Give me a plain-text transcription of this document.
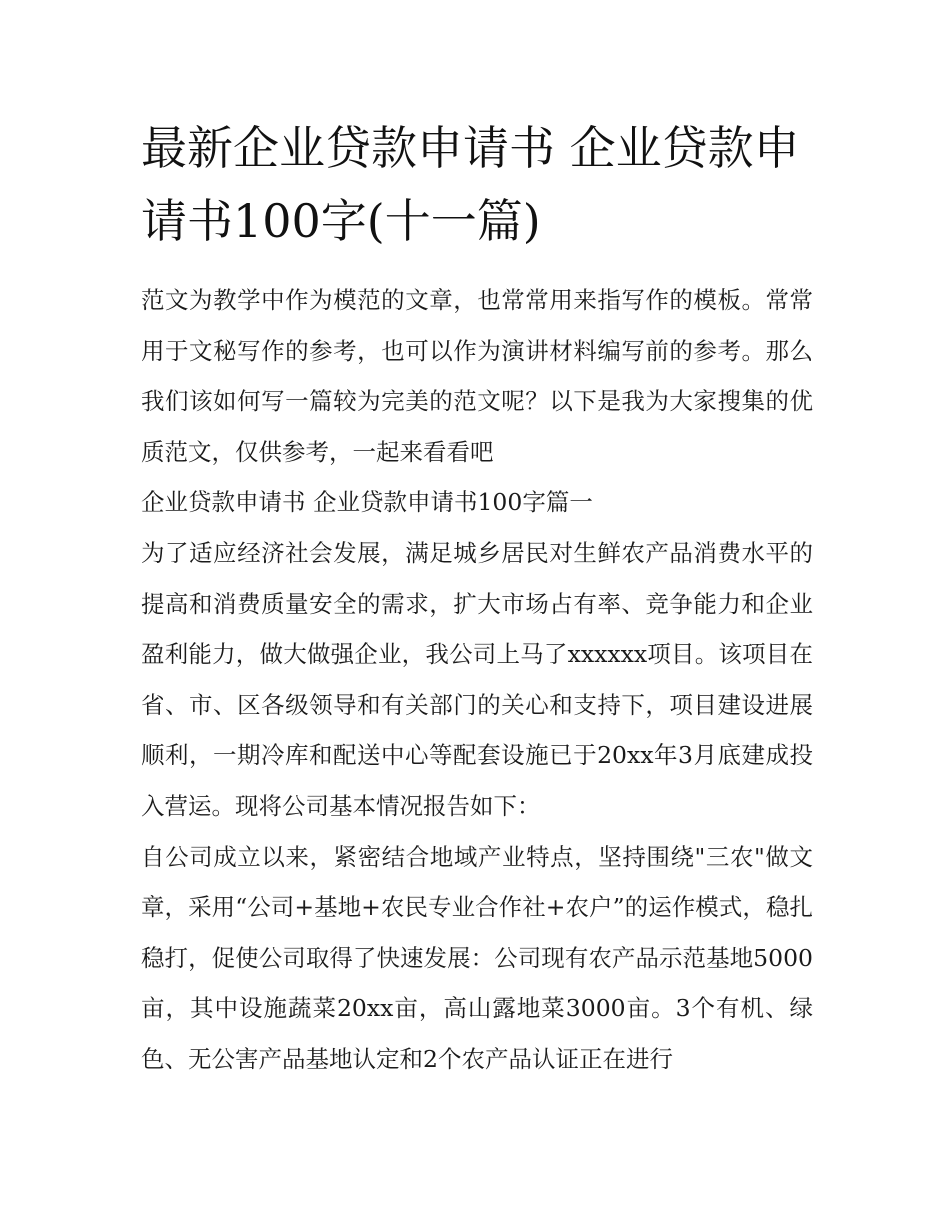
最新企业贷款申请书 企业贷款申请书100字(十一篇)

范文为教学中作为模范的文章，也常常用来指写作的模板。常常用于文秘写作的参考，也可以作为演讲材料编写前的参考。那么我们该如何写一篇较为完美的范文呢？以下是我为大家搜集的优质范文，仅供参考，一起来看看吧

企业贷款申请书 企业贷款申请书100字篇一

为了适应经济社会发展，满足城乡居民对生鲜农产品消费水平的提高和消费质量安全的需求，扩大市场占有率、竞争能力和企业盈利能力，做大做强企业，我公司上马了xxxxxx项目。该项目在省、市、区各级领导和有关部门的关心和支持下，项目建设进展顺利，一期冷库和配送中心等配套设施已于20xx年3月底建成投入营运。现将公司基本情况报告如下：

自公司成立以来，紧密结合地域产业特点，坚持围绕"三农"做文章，采用“公司+基地+农民专业合作社+农户”的运作模式，稳扎稳打，促使公司取得了快速发展：公司现有农产品示范基地5000亩，其中设施蔬菜20xx亩，高山露地菜3000亩。3个有机、绿色、无公害产品基地认定和2个农产品认证正在进行
